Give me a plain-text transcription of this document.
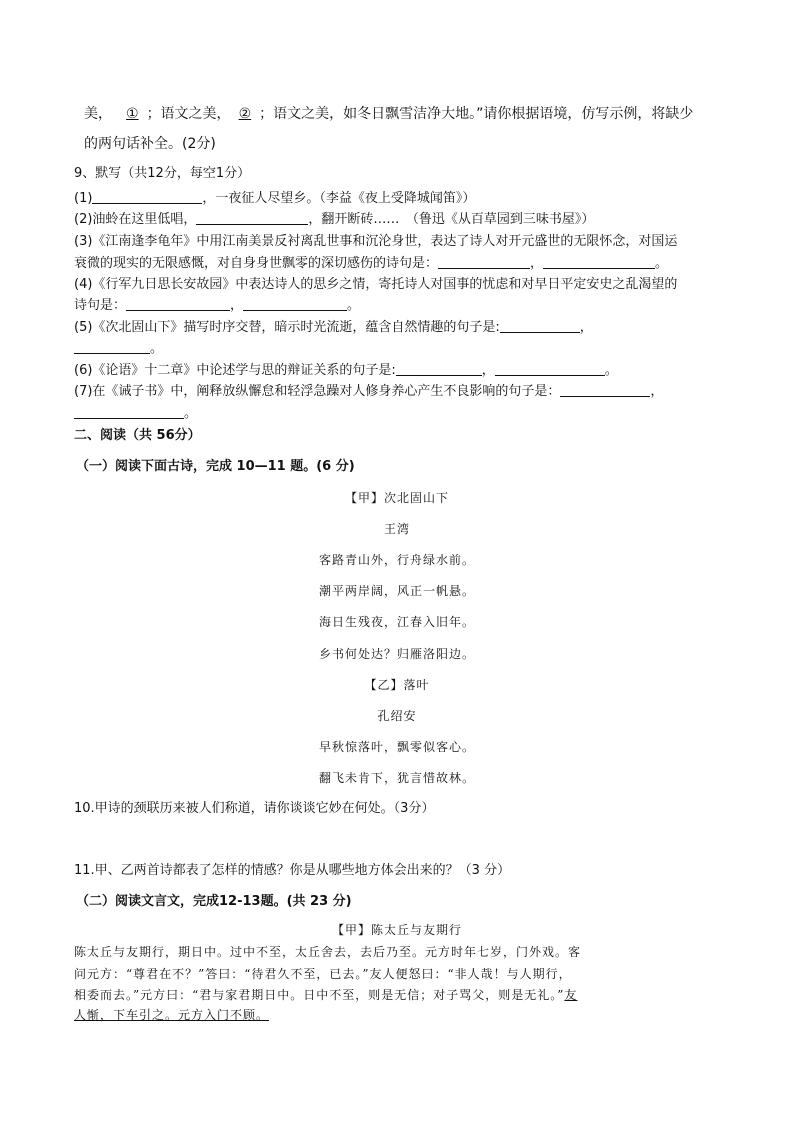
美， ① ；语文之美， ② ；语文之美，如冬日飘雪洁净大地。”请你根据语境，仿写示例，将缺少
的两句话补全。(2分)
9、默写（共12分，每空1分）
(1)	，一夜征人尽望乡。（李益《夜上受降城闻笛》）
(2)油蛉在这里低唱，	，翻开断砖……　（鲁迅《从百草园到三味书屋》）
(3)《江南逢李龟年》中用江南美景反衬离乱世事和沉沦身世，表达了诗人对开元盛世的无限怀念，对国运
衰微的现实的无限感慨，对自身身世飘零的深切感伤的诗句是：	，	。
(4)《行军九日思长安故园》中表达诗人的思乡之情，寄托诗人对国事的忧虑和对早日平定安史之乱渴望的
诗句是：	，	。
(5)《次北固山下》描写时序交替，暗示时光流逝，蕴含自然情趣的句子是:	，
。
(6)《论语》十二章》中论述学与思的辩证关系的句子是:	，	。
(7)在《诫子书》中，阐释放纵懈怠和轻浮急躁对人修身养心产生不良影响的句子是：	，
。
二、阅读（共 56分）
（一）阅读下面古诗，完成 10—11 题。(6 分)
【甲】次北固山下
王湾
客路青山外，行舟绿水前。
潮平两岸阔，风正一帆悬。
海日生残夜，江春入旧年。
乡书何处达？归雁洛阳边。
【乙】落叶
孔绍安
早秋惊落叶，飘零似客心。
翻飞未肯下，犹言惜故林。
10.甲诗的颈联历来被人们称道，请你谈谈它妙在何处。（3分）
11.甲、乙两首诗都表了怎样的情感？你是从哪些地方体会出来的？（3 分）
（二）阅读文言文，完成12-13题。(共 23 分)
【甲】陈太丘与友期行
陈太丘与友期行，期日中。过中不至，太丘舍去，去后乃至。元方时年七岁，门外戏。客
问元方：“尊君在不？”答曰：“待君久不至，已去。”友人便怒曰：“非人哉！与人期行，
相委而去。”元方曰：“君与家君期日中。日中不至，则是无信；对子骂父，则是无礼。”友
人惭，下车引之。元方入门不顾。
